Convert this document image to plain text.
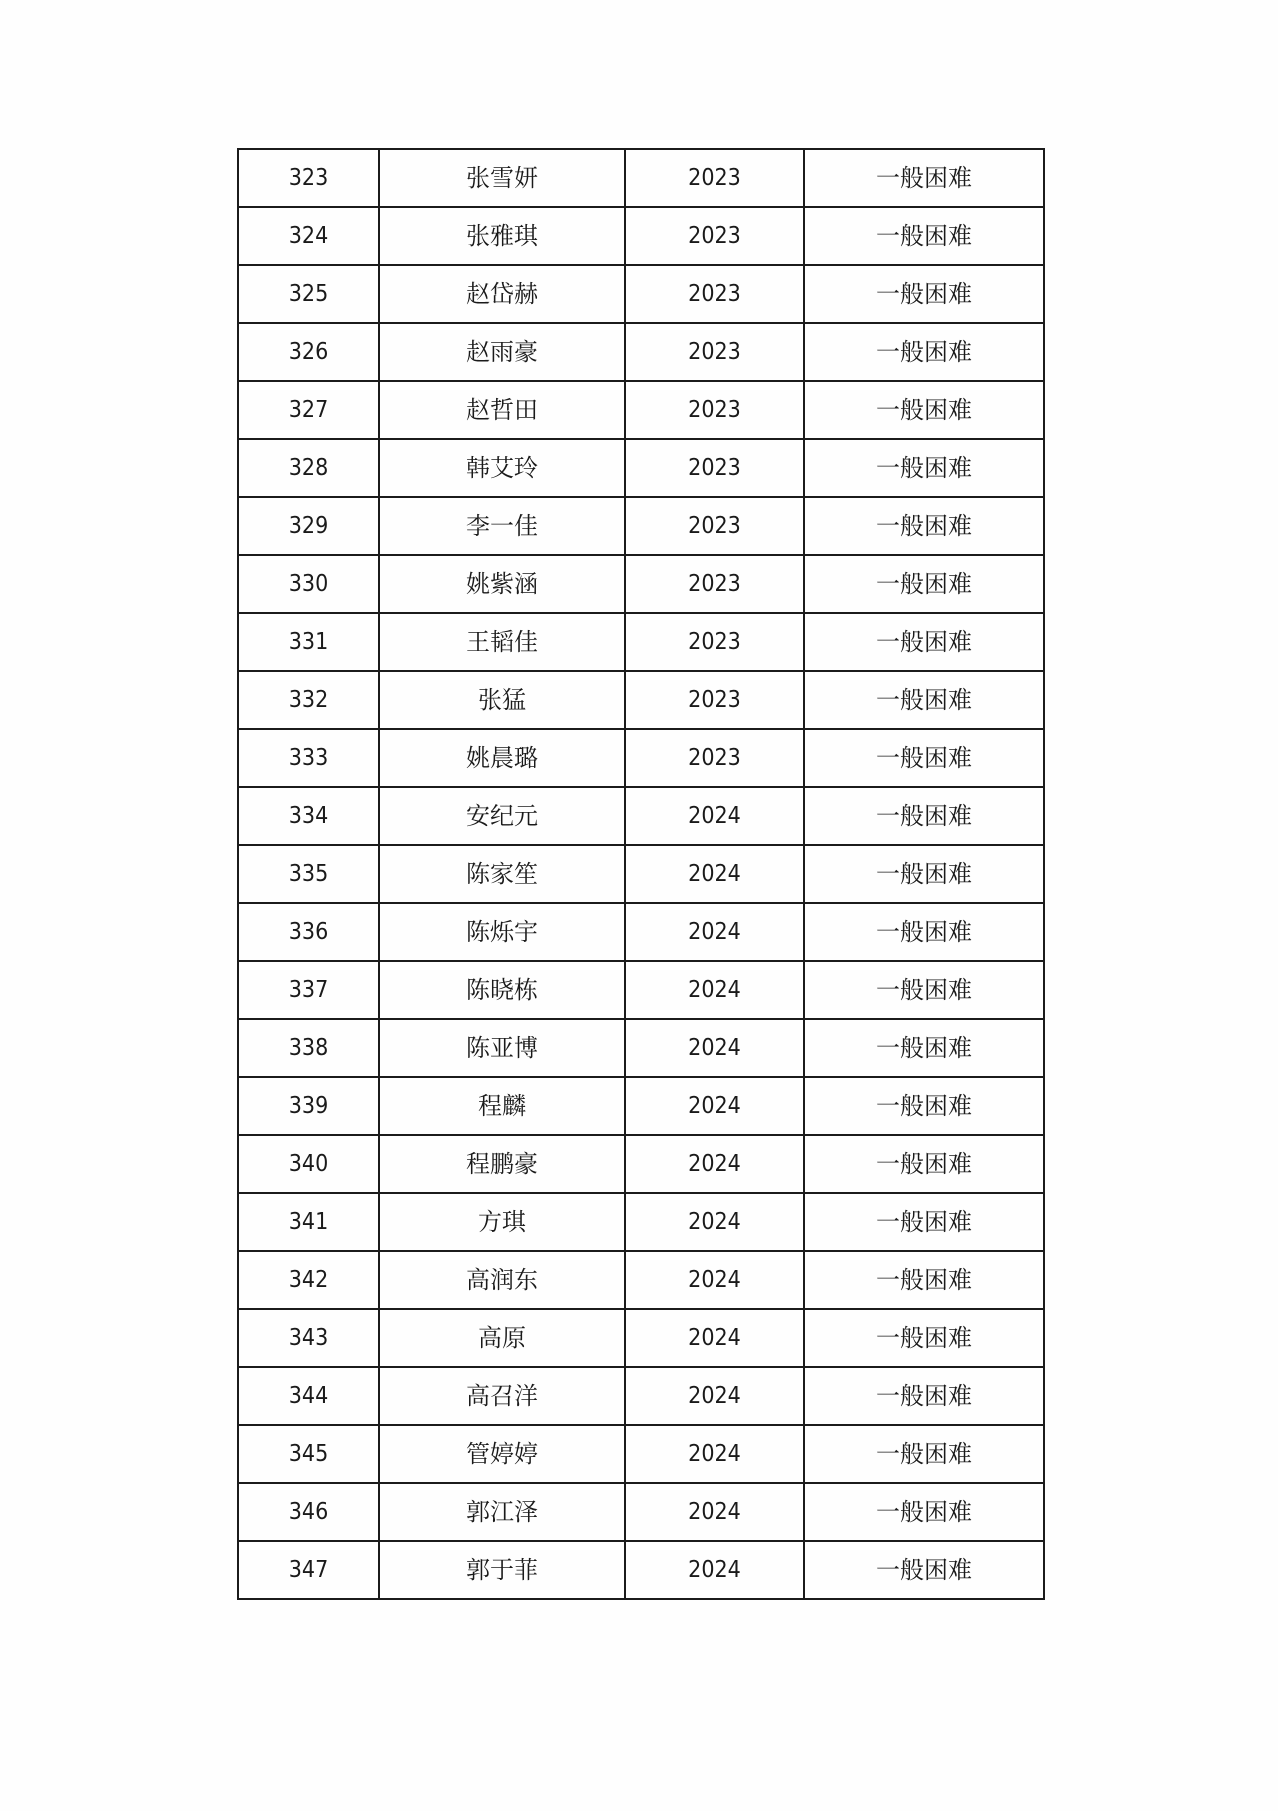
323	张雪妍	2023	一般困难
324	张雅琪	2023	一般困难
325	赵岱赫	2023	一般困难
326	赵雨豪	2023	一般困难
327	赵哲田	2023	一般困难
328	韩艾玲	2023	一般困难
329	李一佳	2023	一般困难
330	姚紫涵	2023	一般困难
331	王韬佳	2023	一般困难
332	张猛	2023	一般困难
333	姚晨璐	2023	一般困难
334	安纪元	2024	一般困难
335	陈家笙	2024	一般困难
336	陈烁宇	2024	一般困难
337	陈晓栋	2024	一般困难
338	陈亚博	2024	一般困难
339	程麟	2024	一般困难
340	程鹏豪	2024	一般困难
341	方琪	2024	一般困难
342	高润东	2024	一般困难
343	高原	2024	一般困难
344	高召洋	2024	一般困难
345	管婷婷	2024	一般困难
346	郭江泽	2024	一般困难
347	郭于菲	2024	一般困难
